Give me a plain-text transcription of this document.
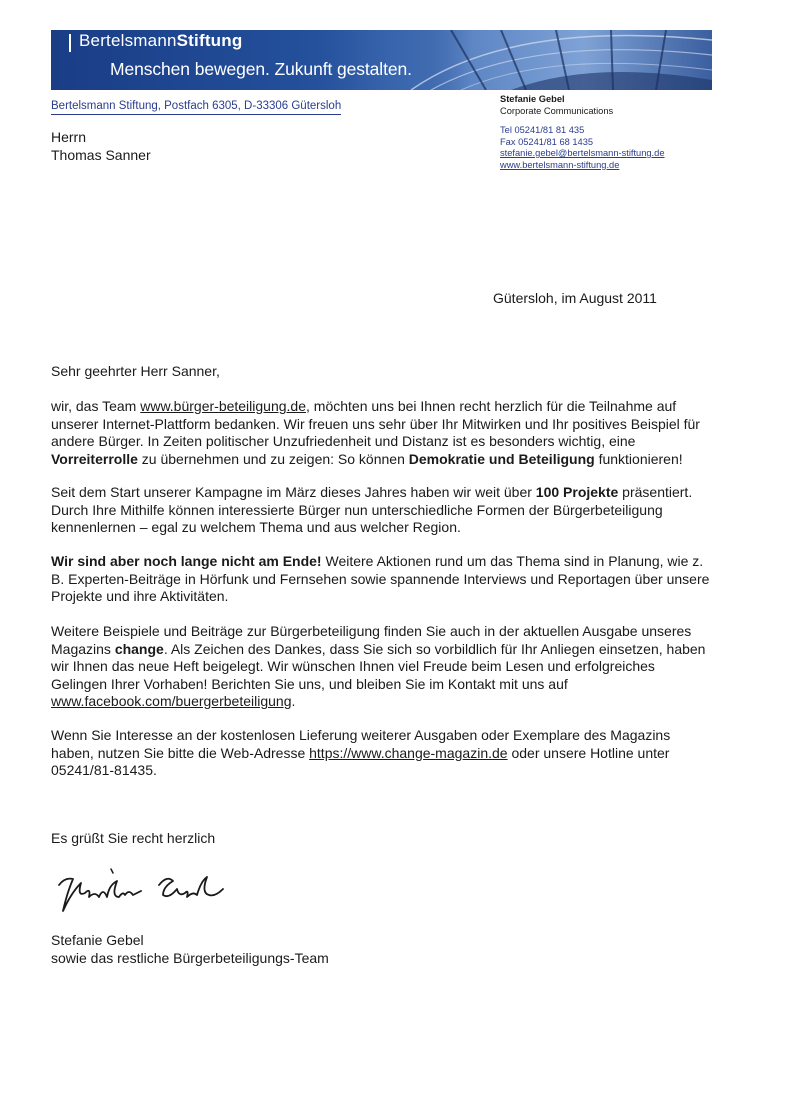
BertelsmannStiftung
Menschen bewegen. Zukunft gestalten.
Bertelsmann Stiftung, Postfach 6305, D-33306 Gütersloh
Herrn
Thomas Sanner
Stefanie Gebel
Corporate Communications
Tel 05241/81 81 435
Fax 05241/81 68 1435
stefanie.gebel@bertelsmann-stiftung.de
www.bertelsmann-stiftung.de
Gütersloh, im August 2011
Sehr geehrter Herr Sanner,

wir, das Team www.bürger-beteiligung.de, möchten uns bei Ihnen recht herzlich für die Teilnahme auf unserer Internet-Plattform bedanken. Wir freuen uns sehr über Ihr Mitwirken und Ihr positives Beispiel für andere Bürger. In Zeiten politischer Unzufriedenheit und Distanz ist es besonders wichtig, eine Vorreiterrolle zu übernehmen und zu zeigen: So können Demokratie und Beteiligung funktionieren!

Seit dem Start unserer Kampagne im März dieses Jahres haben wir weit über 100 Projekte präsentiert. Durch Ihre Mithilfe können interessierte Bürger nun unterschiedliche Formen der Bürgerbeteiligung kennenlernen – egal zu welchem Thema und aus welcher Region.

Wir sind aber noch lange nicht am Ende! Weitere Aktionen rund um das Thema sind in Planung, wie z. B. Experten-Beiträge in Hörfunk und Fernsehen sowie spannende Interviews und Reportagen über unsere Projekte und ihre Aktivitäten.

Weitere Beispiele und Beiträge zur Bürgerbeteiligung finden Sie auch in der aktuellen Ausgabe unseres Magazins change. Als Zeichen des Dankes, dass Sie sich so vorbildlich für Ihr Anliegen einsetzen, haben wir Ihnen das neue Heft beigelegt. Wir wünschen Ihnen viel Freude beim Lesen und erfolgreiches Gelingen Ihrer Vorhaben! Berichten Sie uns, und bleiben Sie im Kontakt mit uns auf www.facebook.com/buergerbeteiligung.

Wenn Sie Interesse an der kostenlosen Lieferung weiterer Ausgaben oder Exemplare des Magazins haben, nutzen Sie bitte die Web-Adresse https://www.change-magazin.de oder unsere Hotline unter 05241/81-81435.

Es grüßt Sie recht herzlich
Stefanie Gebel
sowie das restliche Bürgerbeteiligungs-Team
